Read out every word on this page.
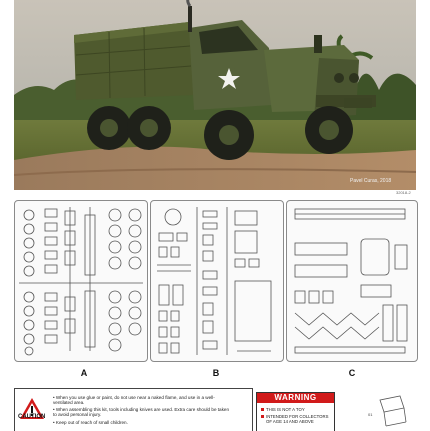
Pavel Curas, 2018
32018-2
A	B	C
CAUTION
• When you use glue or paint, do not use near a naked flame, and use in a well-
ventilated area.
• When assembling this kit, tools including knives are used. Extra care should be taken
to avoid personal injury.
• Keep out of reach of small children.
WARNING
THIS IS NOT A TOY
INTENDED FOR COLLECTORS
OF AGE 14 AND ABOVE
01
